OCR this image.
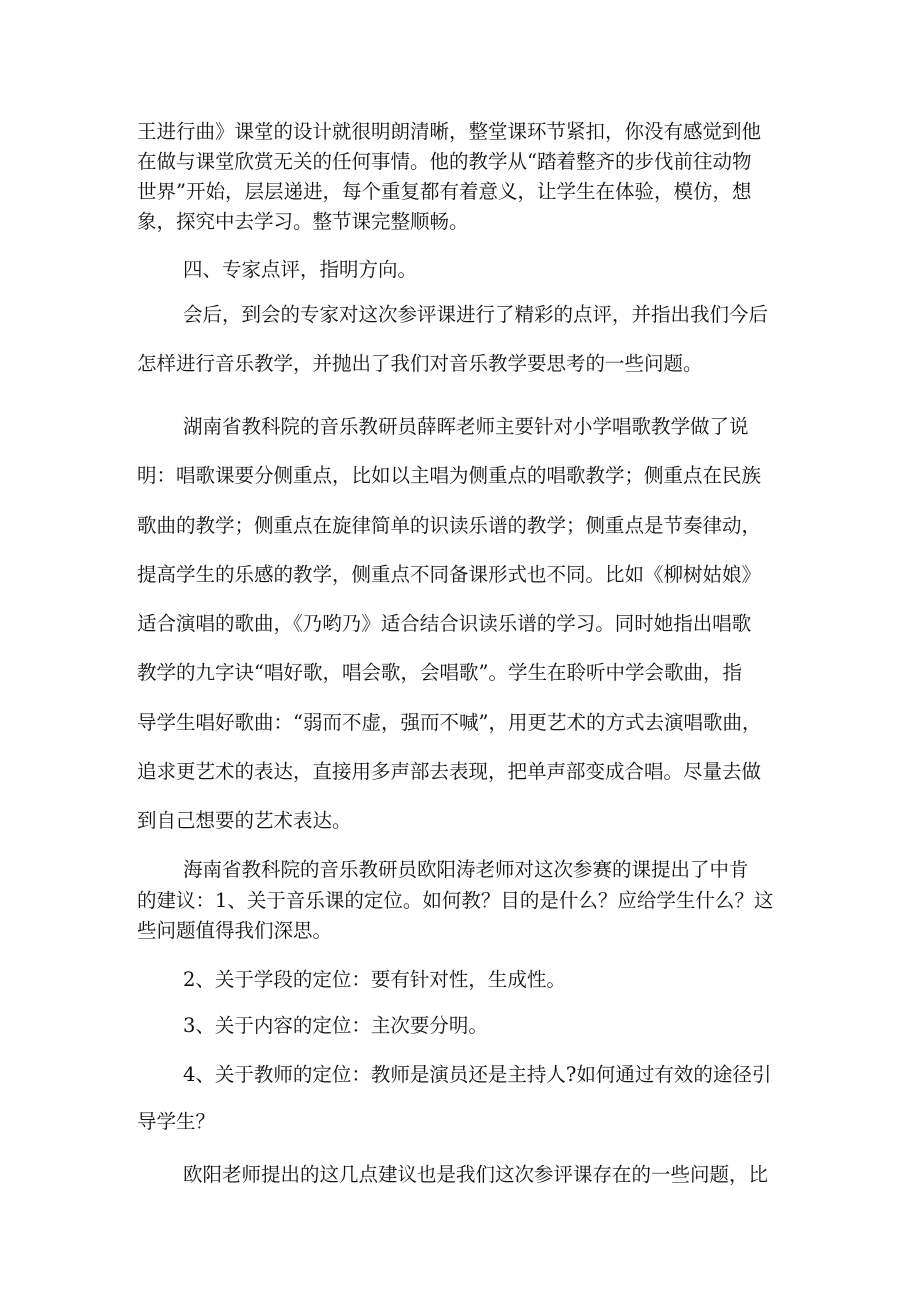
王进行曲》课堂的设计就很明朗清晰，整堂课环节紧扣，你没有感觉到他

在做与课堂欣赏无关的任何事情。他的教学从“踏着整齐的步伐前往动物

世界”开始，层层递进，每个重复都有着意义，让学生在体验，模仿，想

象，探究中去学习。整节课完整顺畅。

四、专家点评，指明方向。

会后，到会的专家对这次参评课进行了精彩的点评，并指出我们今后

怎样进行音乐教学，并抛出了我们对音乐教学要思考的一些问题。

湖南省教科院的音乐教研员薛晖老师主要针对小学唱歌教学做了说

明：唱歌课要分侧重点，比如以主唱为侧重点的唱歌教学；侧重点在民族

歌曲的教学；侧重点在旋律简单的识读乐谱的教学；侧重点是节奏律动，

提高学生的乐感的教学，侧重点不同备课形式也不同。比如《柳树姑娘》

适合演唱的歌曲，《乃哟乃》适合结合识读乐谱的学习。同时她指出唱歌

教学的九字诀“唱好歌，唱会歌，会唱歌”。学生在聆听中学会歌曲，指

导学生唱好歌曲：“弱而不虚，强而不喊”，用更艺术的方式去演唱歌曲，

追求更艺术的表达，直接用多声部去表现，把单声部变成合唱。尽量去做

到自己想要的艺术表达。

海南省教科院的音乐教研员欧阳涛老师对这次参赛的课提出了中肯

的建议：1、关于音乐课的定位。如何教？目的是什么？应给学生什么？这

些问题值得我们深思。

2、关于学段的定位：要有针对性，生成性。

3、关于内容的定位：主次要分明。

4、关于教师的定位：教师是演员还是主持人?如何通过有效的途径引

导学生？

欧阳老师提出的这几点建议也是我们这次参评课存在的一些问题，比
